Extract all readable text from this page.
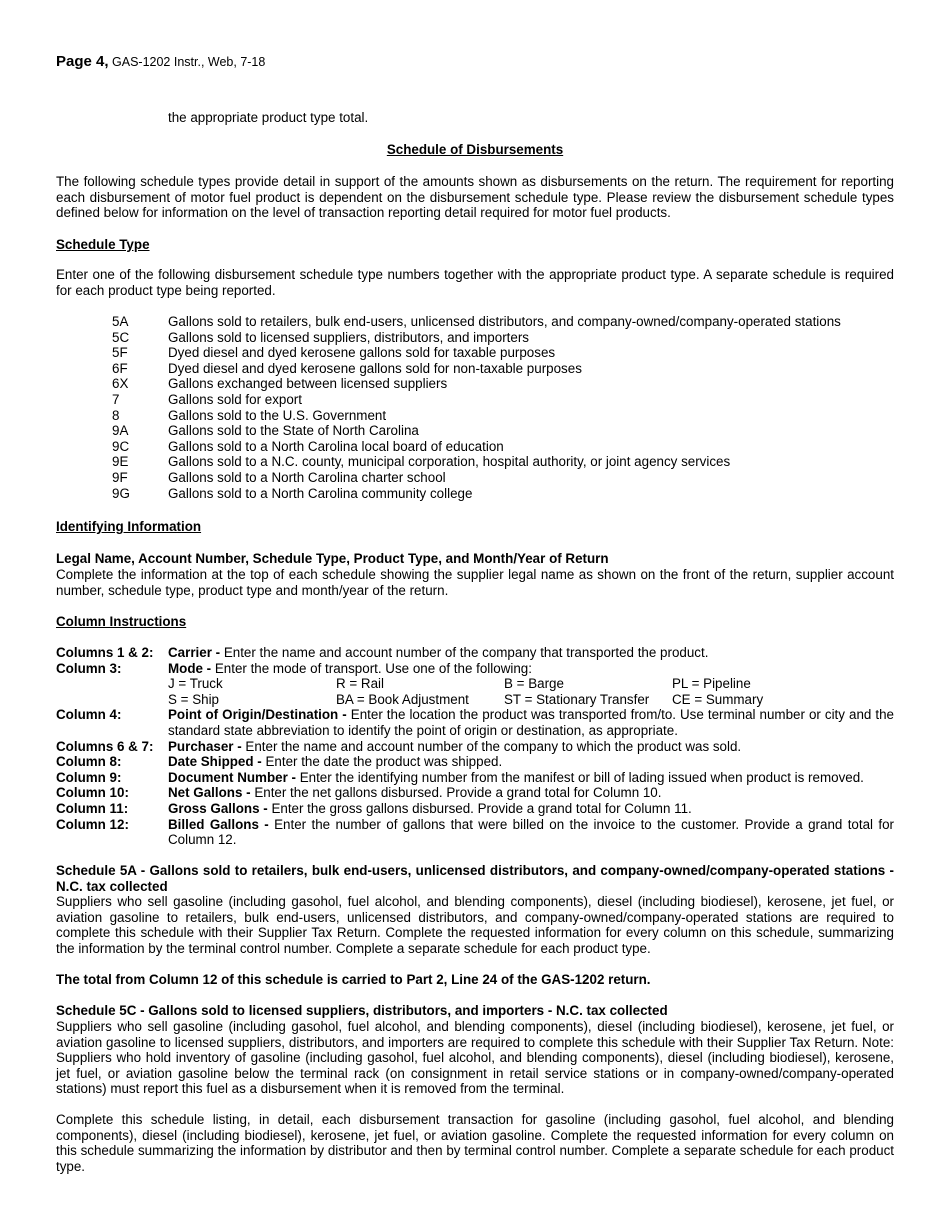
Page 4, GAS-1202 Instr., Web, 7-18
the appropriate product type total.
Schedule of Disbursements
The following schedule types provide detail in support of the amounts shown as disbursements on the return. The requirement for reporting each disbursement of motor fuel product is dependent on the disbursement schedule type. Please review the disbursement schedule types defined below for information on the level of transaction reporting detail required for motor fuel products.
Schedule Type
Enter one of the following disbursement schedule type numbers together with the appropriate product type. A separate schedule is required for each product type being reported.
5A	Gallons sold to retailers, bulk end-users, unlicensed distributors, and company-owned/company-operated stations
5C	Gallons sold to licensed suppliers, distributors, and importers
5F	Dyed diesel and dyed kerosene gallons sold for taxable purposes
6F	Dyed diesel and dyed kerosene gallons sold for non-taxable purposes
6X	Gallons exchanged between licensed suppliers
7	Gallons sold for export
8	Gallons sold to the U.S. Government
9A	Gallons sold to the State of North Carolina
9C	Gallons sold to a North Carolina local board of education
9E	Gallons sold to a N.C. county, municipal corporation, hospital authority, or joint agency services
9F	Gallons sold to a North Carolina charter school
9G	Gallons sold to a North Carolina community college
Identifying Information
Legal Name, Account Number, Schedule Type, Product Type, and Month/Year of Return
Complete the information at the top of each schedule showing the supplier legal name as shown on the front of the return, supplier account number, schedule type, product type and month/year of the return.
Column Instructions
Columns 1 & 2:	Carrier - Enter the name and account number of the company that transported the product.
Column 3:	Mode - Enter the mode of transport. Use one of the following:
J = Truck	R = Rail	B = Barge	PL = Pipeline
S = Ship	BA = Book Adjustment	ST = Stationary Transfer	CE = Summary
Column 4:	Point of Origin/Destination - Enter the location the product was transported from/to. Use terminal number or city and the standard state abbreviation to identify the point of origin or destination, as appropriate.
Columns 6 & 7:	Purchaser - Enter the name and account number of the company to which the product was sold.
Column 8:	Date Shipped - Enter the date the product was shipped.
Column 9:	Document Number - Enter the identifying number from the manifest or bill of lading issued when product is removed.
Column 10:	Net Gallons - Enter the net gallons disbursed. Provide a grand total for Column 10.
Column 11:	Gross Gallons - Enter the gross gallons disbursed. Provide a grand total for Column 11.
Column 12:	Billed Gallons - Enter the number of gallons that were billed on the invoice to the customer. Provide a grand total for Column 12.
Schedule 5A - Gallons sold to retailers, bulk end-users, unlicensed distributors, and company-owned/company-operated stations - N.C. tax collected
Suppliers who sell gasoline (including gasohol, fuel alcohol, and blending components), diesel (including biodiesel), kerosene, jet fuel, or aviation gasoline to retailers, bulk end-users, unlicensed distributors, and company-owned/company-operated stations are required to complete this schedule with their Supplier Tax Return. Complete the requested information for every column on this schedule, summarizing the information by the terminal control number. Complete a separate schedule for each product type.
The total from Column 12 of this schedule is carried to Part 2, Line 24 of the GAS-1202 return.
Schedule 5C - Gallons sold to licensed suppliers, distributors, and importers - N.C. tax collected
Suppliers who sell gasoline (including gasohol, fuel alcohol, and blending components), diesel (including biodiesel), kerosene, jet fuel, or aviation gasoline to licensed suppliers, distributors, and importers are required to complete this schedule with their Supplier Tax Return. Note: Suppliers who hold inventory of gasoline (including gasohol, fuel alcohol, and blending components), diesel (including biodiesel), kerosene, jet fuel, or aviation gasoline below the terminal rack (on consignment in retail service stations or in company-owned/company-operated stations) must report this fuel as a disbursement when it is removed from the terminal.
Complete this schedule listing, in detail, each disbursement transaction for gasoline (including gasohol, fuel alcohol, and blending components), diesel (including biodiesel), kerosene, jet fuel, or aviation gasoline. Complete the requested information for every column on this schedule summarizing the information by distributor and then by terminal control number. Complete a separate schedule for each product type.
